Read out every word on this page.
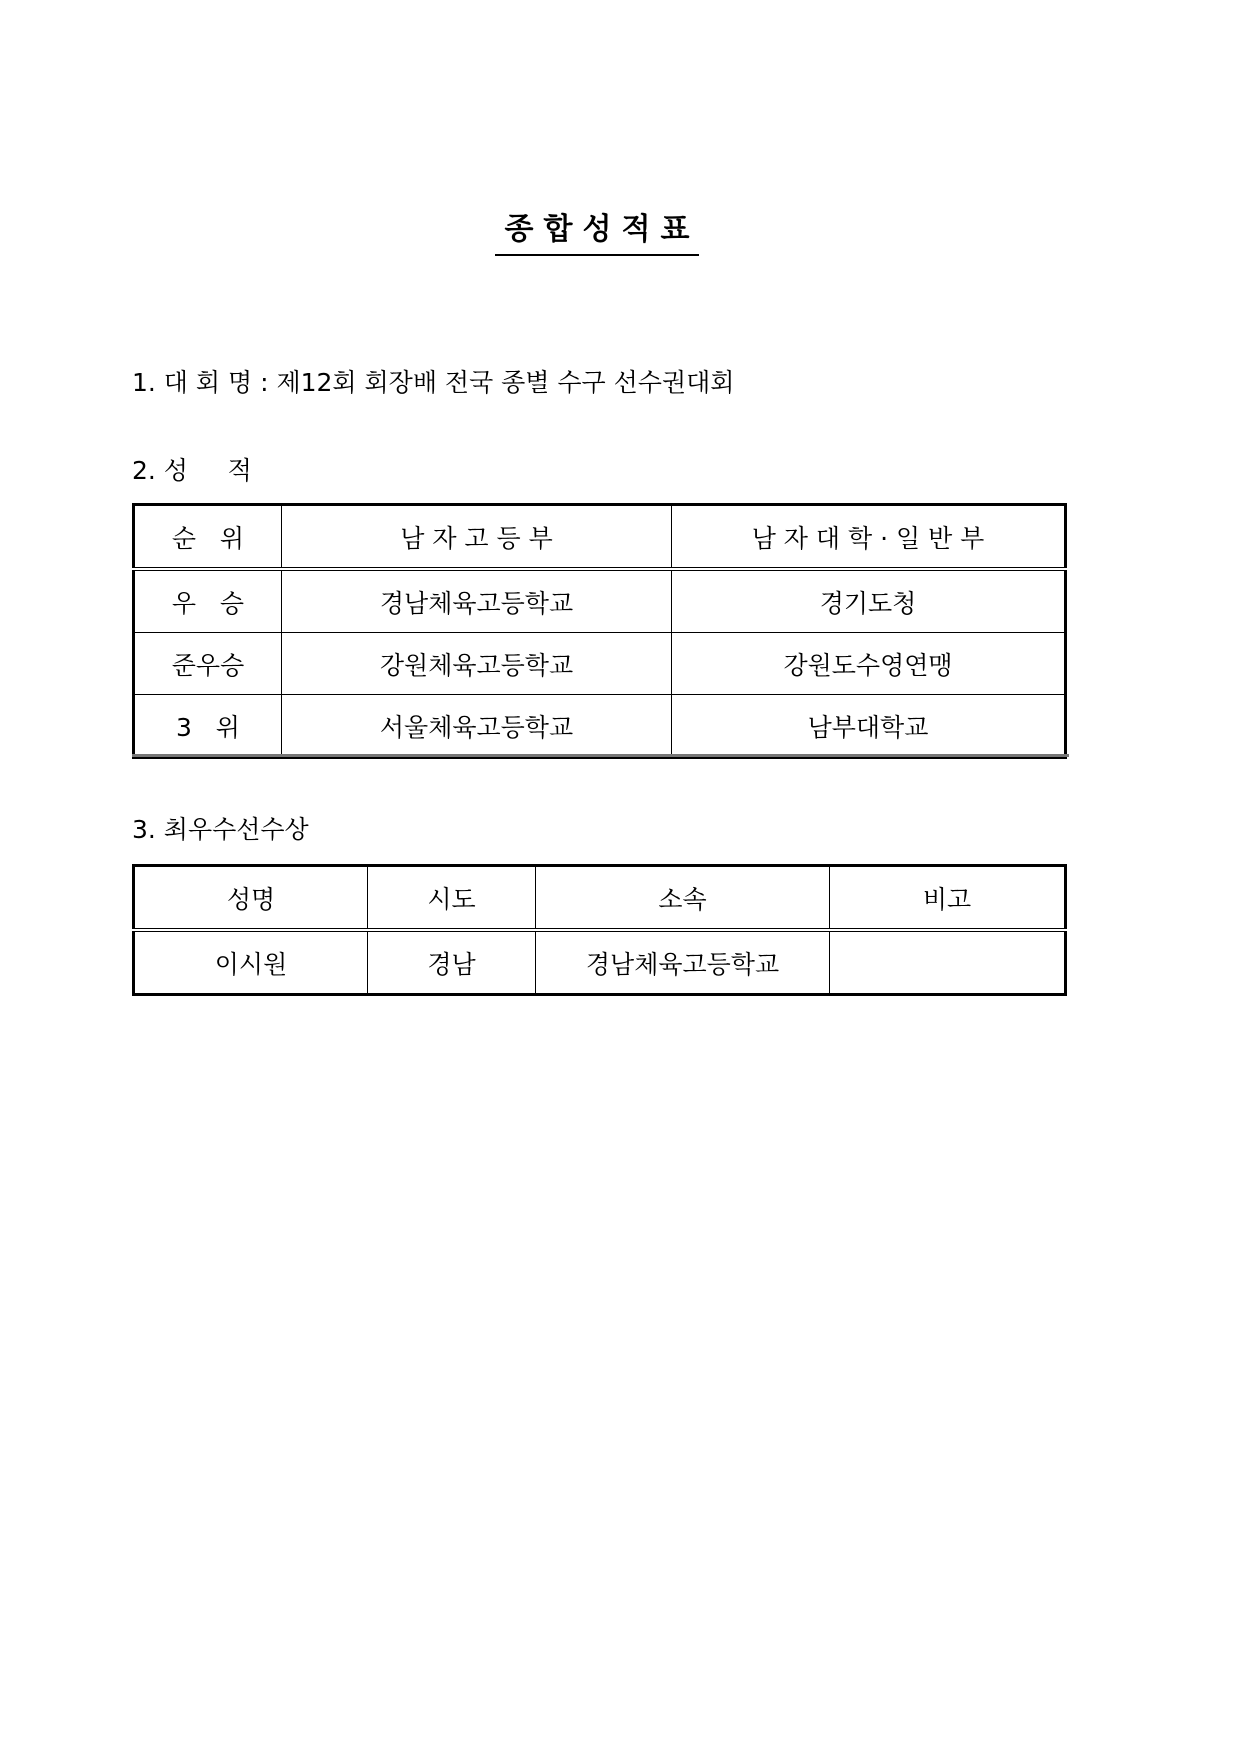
종합성적표
1. 대 회 명 : 제12회 회장배 전국 종별 수구 선수권대회
2. 성     적
순   위	남 자 고 등 부	남 자 대 학 · 일 반 부
우   승	경남체육고등학교	경기도청
준우승	강원체육고등학교	강원도수영연맹
3   위	서울체육고등학교	남부대학교
3. 최우수선수상
성명	시도	소속	비고
이시원	경남	경남체육고등학교	
